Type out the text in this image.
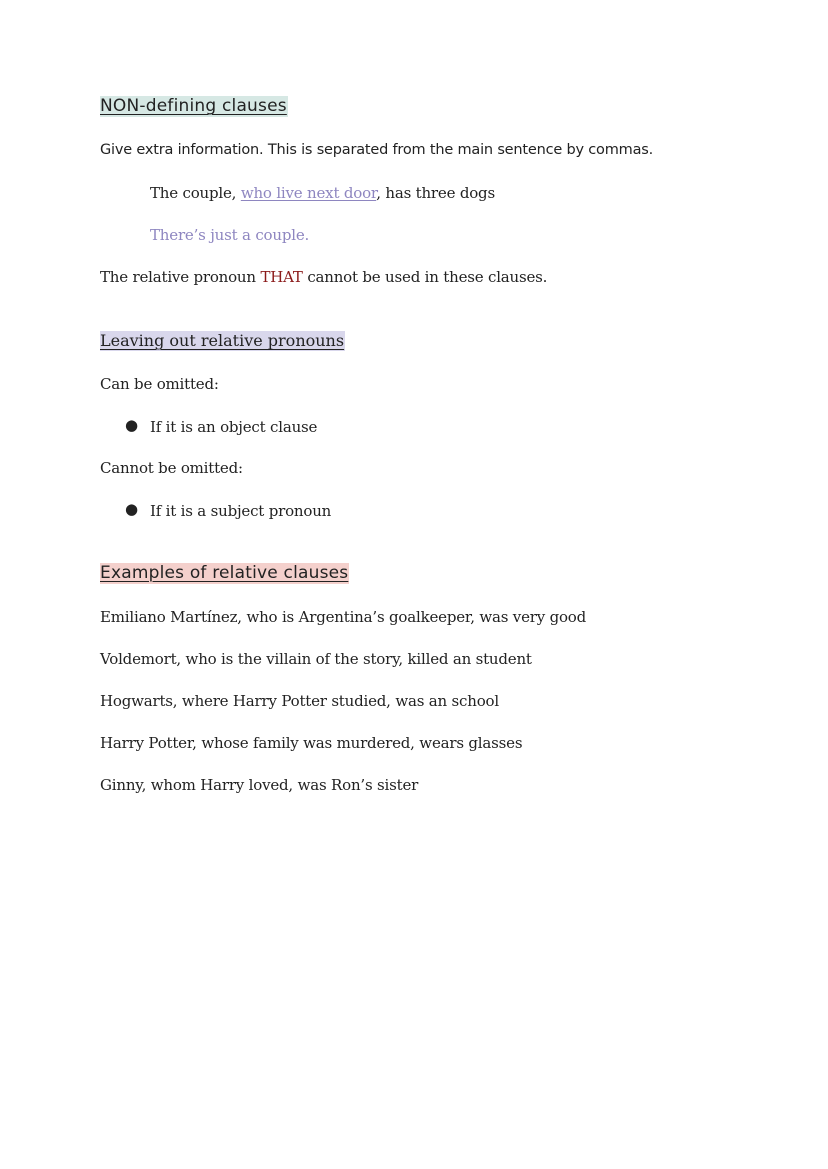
NON-defining clauses
Give extra information. This is separated from the main sentence by commas.
The couple, who live next door, has three dogs
There’s just a couple.
The relative pronoun THAT cannot be used in these clauses.
Leaving out relative pronouns
Can be omitted:
● If it is an object clause
Cannot be omitted:
● If it is a subject pronoun
Examples of relative clauses
Emiliano Martínez, who is Argentina’s goalkeeper, was very good
Voldemort, who is the villain of the story, killed an student
Hogwarts, where Harry Potter studied, was an school
Harry Potter, whose family was murdered, wears glasses
Ginny, whom Harry loved, was Ron’s sister
